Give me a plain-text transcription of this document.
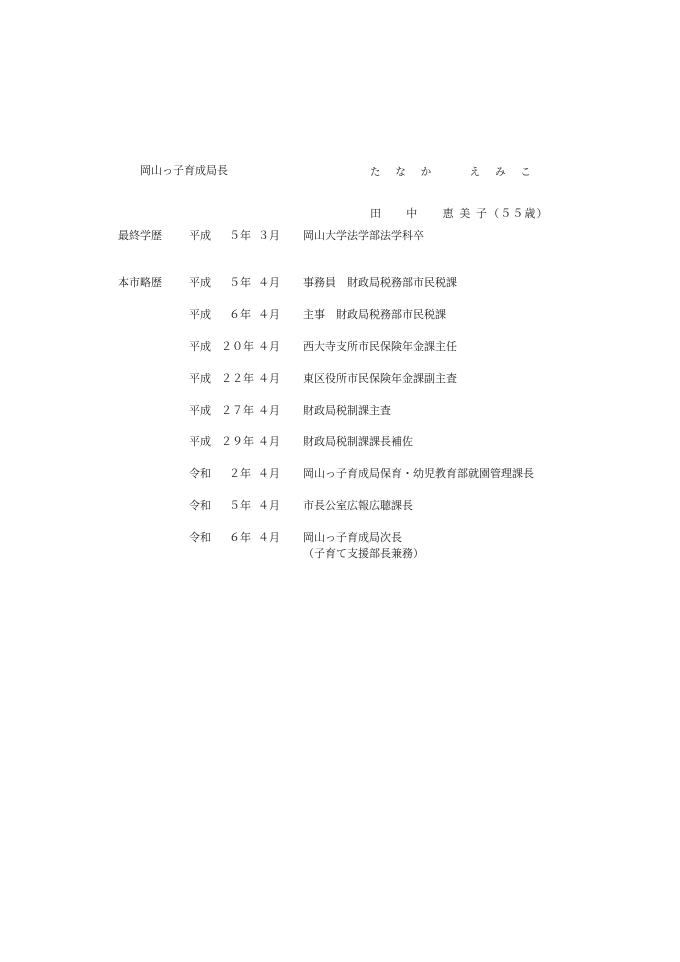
岡山っ子育成局長

	た な か　　え み こ

田　　中　　恵 美 子（５５歳）

最終学歴 平成	５年 ３月 岡山大学法学部法学科卒
本市略歴 平成	５年 ４月 事務員　財政局税務部市民税課
平成	６年 ４月 主事　財政局税務部市民税課
平成 ２０年 ４月 西大寺支所市民保険年金課主任
平成 ２２年 ４月 東区役所市民保険年金課副主査
平成 ２７年 ４月 財政局税制課主査
平成 ２９年 ４月 財政局税制課課長補佐
令和	２年 ４月 岡山っ子育成局保育・幼児教育部就園管理課長
令和	５年 ４月 市長公室広報広聴課長
令和	６年 ４月 岡山っ子育成局次長
（子育て支援部長兼務）
